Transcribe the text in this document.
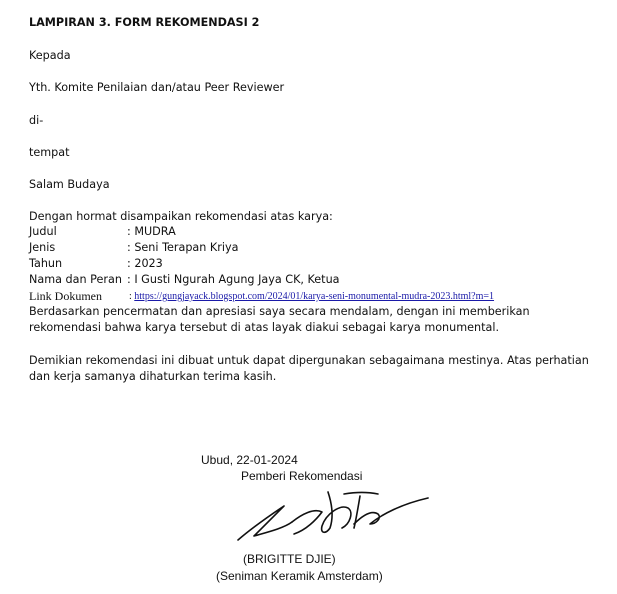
LAMPIRAN 3. FORM REKOMENDASI 2
Kepada
Yth. Komite Penilaian dan/atau Peer Reviewer
di-
tempat
Salam Budaya
Dengan hormat disampaikan rekomendasi atas karya:
Judul	: MUDRA
Jenis	: Seni Terapan Kriya
Tahun	: 2023
Nama dan Peran : I Gusti Ngurah Agung Jaya CK, Ketua
Link Dokumen	: https://gungjayack.blogspot.com/2024/01/karya-seni-monumental-mudra-2023.html?m=1
Berdasarkan pencermatan dan apresiasi saya secara mendalam, dengan ini memberikan rekomendasi bahwa karya tersebut di atas layak diakui sebagai karya monumental.
Demikian rekomendasi ini dibuat untuk dapat dipergunakan sebagaimana mestinya. Atas perhatian dan kerja samanya dihaturkan terima kasih.
Ubud, 22-01-2024
Pemberi Rekomendasi
(BRIGITTE DJIE)
(Seniman Keramik Amsterdam)
